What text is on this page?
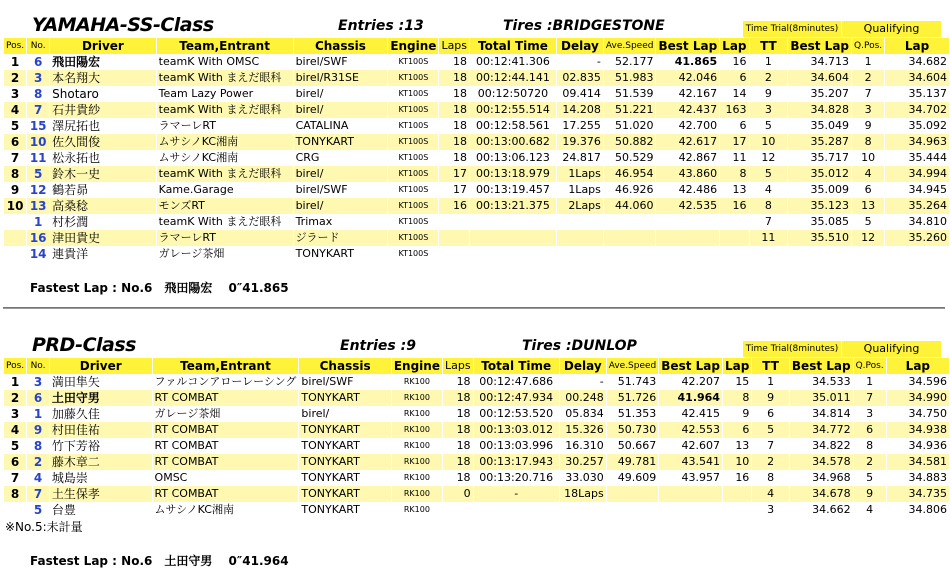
YAMAHA-SS-Class	Entries :13	Tires :BRIDGESTONE	Time Trial(8minutes)	Qualifying
Pos.	No.	Driver	Team,Entrant	Chassis	Engine	Laps	Total Time	Delay	Ave.Speed	Best Lap	Lap	TT	Best Lap	Q.Pos.	Lap
1	6	飛田陽宏	teamK With OMSC	birel/SWF	KT100S	18	00:12:41.306	-	52.177	41.865	16	1	34.713	1	34.682
2	3	本名翔大	teamK With まえだ眼科	birel/R31SE	KT100S	18	00:12:44.141	02.835	51.983	42.046	6	2	34.604	2	34.604
3	8	Shotaro	Team Lazy Power	birel/	KT100S	18	00:12:50720	09.414	51.539	42.167	14	9	35.207	7	35.137
4	7	石井貴紗	teamK With まえだ眼科	birel/	KT100S	18	00:12:55.514	14.208	51.221	42.437	163	3	34.828	3	34.702
5	15	澤尻拓也	ラマーレRT	CATALINA	KT100S	18	00:12:58.561	17.255	51.020	42.700	6	5	35.049	9	35.092
6	10	佐久間俊	ムサシノKC湘南	TONYKART	KT100S	18	00:13:00.682	19.376	50.882	42.617	17	10	35.287	8	34.963
7	11	松永拓也	ムサシノKC湘南	CRG	KT100S	18	00:13:06.123	24.817	50.529	42.867	11	12	35.717	10	35.444
8	5	鈴木一史	teamK With まえだ眼科	birel/	KT100S	17	00:13:18.979	1Laps	46.954	43.860	8	5	35.012	4	34.994
9	12	鶴若昴	Kame.Garage	birel/SWF	KT100S	17	00:13:19.457	1Laps	46.926	42.486	13	4	35.009	6	34.945
10	13	高桑稔	モンズRT	birel/	KT100S	16	00:13:21.375	2Laps	44.060	42.535	16	8	35.123	13	35.264
	1	村杉潤	teamK With まえだ眼科	Trimax	KT100S							7	35.085	5	34.810
	16	津田貴史	ラマーレRT	ジラード	KT100S							11	35.510	12	35.260
	14	連貴洋	ガレージ茶畑	TONYKART	KT100S										
PRD-Class	Entries :9	Tires :DUNLOP	Time Trial(8minutes)	Qualifying
Pos.	No.	Driver	Team,Entrant	Chassis	Engine	Laps	Total Time	Delay	Ave.Speed	Best Lap	Lap	TT	Best Lap	Q.Pos.	Lap
1	3	満田隼矢	ファルコンアローレーシング	birel/SWF	RK100	18	00:12:47.686	-	51.743	42.207	15	1	34.533	1	34.596
2	6	土田守男	RT COMBAT	TONYKART	RK100	18	00:12:47.934	00.248	51.726	41.964	8	9	35.011	7	34.990
3	1	加藤久佳	ガレージ茶畑	birel/	RK100	18	00:12:53.520	05.834	51.353	42.415	9	6	34.814	3	34.750
4	9	村田佳祐	RT COMBAT	TONYKART	RK100	18	00:13:03.012	15.326	50.730	42.553	6	5	34.772	6	34.938
5	8	竹下芳裕	RT COMBAT	TONYKART	RK100	18	00:13:03.996	16.310	50.667	42.607	13	7	34.822	8	34.936
6	2	藤木章二	RT COMBAT	TONYKART	RK100	18	00:13:17.943	30.257	49.781	43.541	10	2	34.578	2	34.581
7	4	城島崇	OMSC	TONYKART	RK100	18	00:13:20.716	33.030	49.609	43.957	16	8	34.968	5	34.883
8	7	土生保孝	RT COMBAT	TONYKART	RK100	0	-	18Laps				4	34.678	9	34.735
	5	台豊	ムサシノKC湘南	TONYKART	RK100							3	34.662	4	34.806
Fastest Lap : No.6　飛田陽宏　 0″41.865
※No.5:未計量
Fastest Lap : No.6　土田守男　 0″41.964
